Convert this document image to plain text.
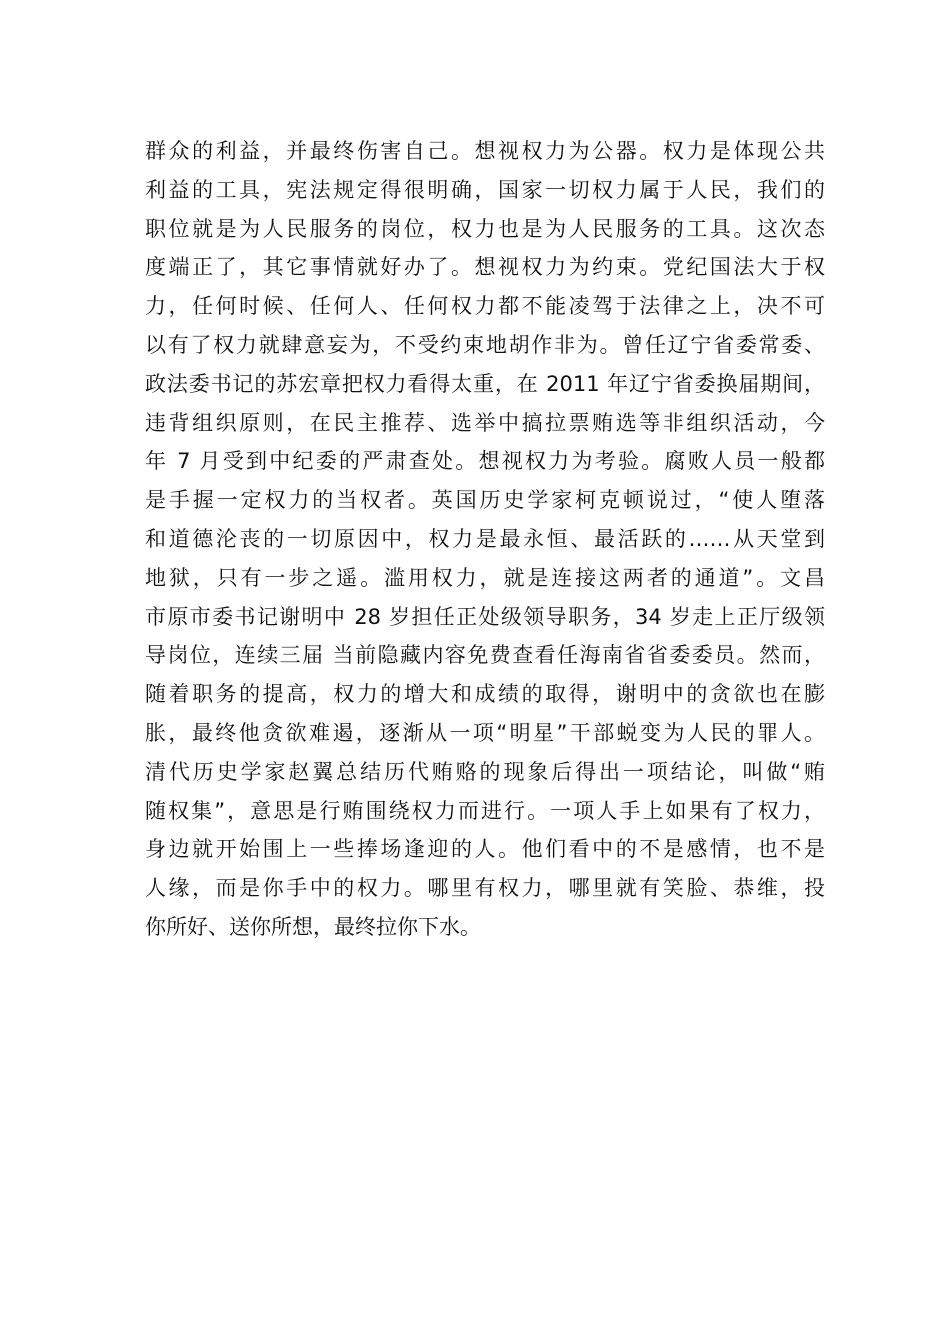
群众的利益，并最终伤害自己。想视权力为公器。权力是体现公共
利益的工具，宪法规定得很明确，国家一切权力属于人民，我们的
职位就是为人民服务的岗位，权力也是为人民服务的工具。这次态
度端正了，其它事情就好办了。想视权力为约束。党纪国法大于权
力，任何时候、任何人、任何权力都不能凌驾于法律之上，决不可
以有了权力就肆意妄为，不受约束地胡作非为。曾任辽宁省委常委、
政法委书记的苏宏章把权力看得太重，在 2011 年辽宁省委换届期间，
违背组织原则，在民主推荐、选举中搞拉票贿选等非组织活动，今
年 7 月受到中纪委的严肃查处。想视权力为考验。腐败人员一般都
是手握一定权力的当权者。英国历史学家柯克顿说过，“使人堕落
和道德沦丧的一切原因中，权力是最永恒、最活跃的……从天堂到
地狱，只有一步之遥。滥用权力，就是连接这两者的通道”。文昌
市原市委书记谢明中 28 岁担任正处级领导职务，34 岁走上正厅级领
导岗位，连续三届 当前隐藏内容免费查看任海南省省委委员。然而，
随着职务的提高，权力的增大和成绩的取得，谢明中的贪欲也在膨
胀，最终他贪欲难遏，逐渐从一项“明星”干部蜕变为人民的罪人。
清代历史学家赵翼总结历代贿赂的现象后得出一项结论，叫做“贿
随权集”，意思是行贿围绕权力而进行。一项人手上如果有了权力，
身边就开始围上一些捧场逢迎的人。他们看中的不是感情，也不是
人缘，而是你手中的权力。哪里有权力，哪里就有笑脸、恭维，投
你所好、送你所想，最终拉你下水。
